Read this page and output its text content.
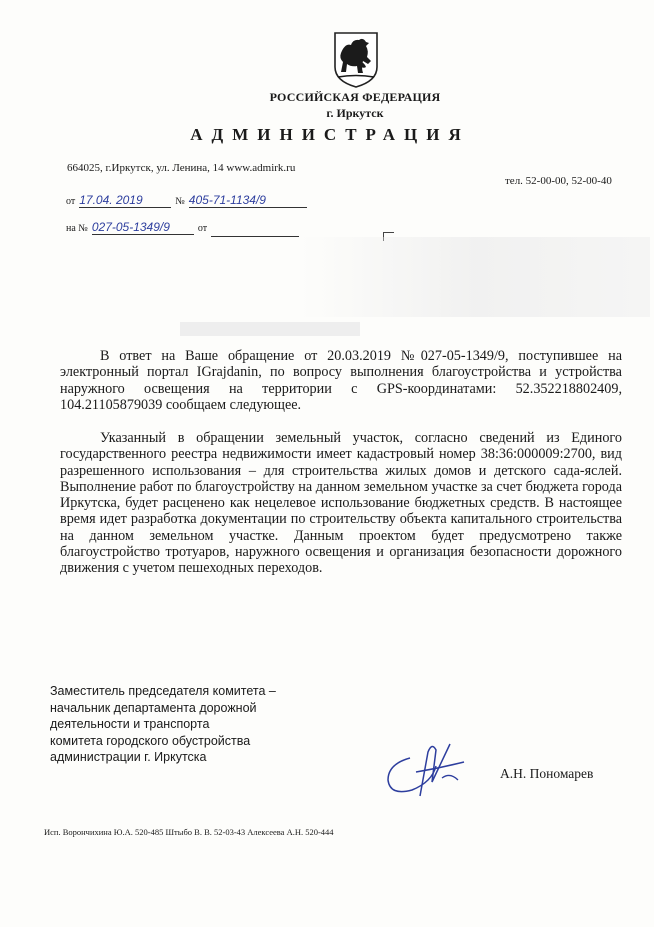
РОССИЙСКАЯ ФЕДЕРАЦИЯ
г. Иркутск
АДМИНИСТРАЦИЯ
664025, г.Иркутск, ул. Ленина, 14 www.admirk.ru
тел. 52-00-00, 52-00-40
от 17.04. 2019	№ 405-71-1134/9
на № 027-05-1349/9	от

В ответ на Ваше обращение от 20.03.2019 №027-05-1349/9, поступившее на электронный портал IGrajdanin, по вопросу выполнения благоустройства и устройства наружного освещения на территории с GPS-координатами: 52.352218802409, 104.21105879039 сообщаем следующее.

Указанный в обращении земельный участок, согласно сведений из Единого государственного реестра недвижимости имеет кадастровый номер 38:36:000009:2700, вид разрешенного использования – для строительства жилых домов и детского сада-яслей. Выполнение работ по благоустройству на данном земельном участке за счет бюджета города Иркутска, будет расценено как нецелевое использование бюджетных средств. В настоящее время идет разработка документации по строительству объекта капитального строительства на данном земельном участке. Данным проектом будет предусмотрено также благоустройство тротуаров, наружного освещения и организация безопасности дорожного движения с учетом пешеходных переходов.

Заместитель председателя комитета –
начальник департамента дорожной
деятельности и транспорта
комитета городского обустройства
администрации г. Иркутска
А.Н. Пономарев
Исп. Ворончихина Ю.А. 520-485 Штыбо В. В. 52-03-43 Алексеева А.Н. 520-444
